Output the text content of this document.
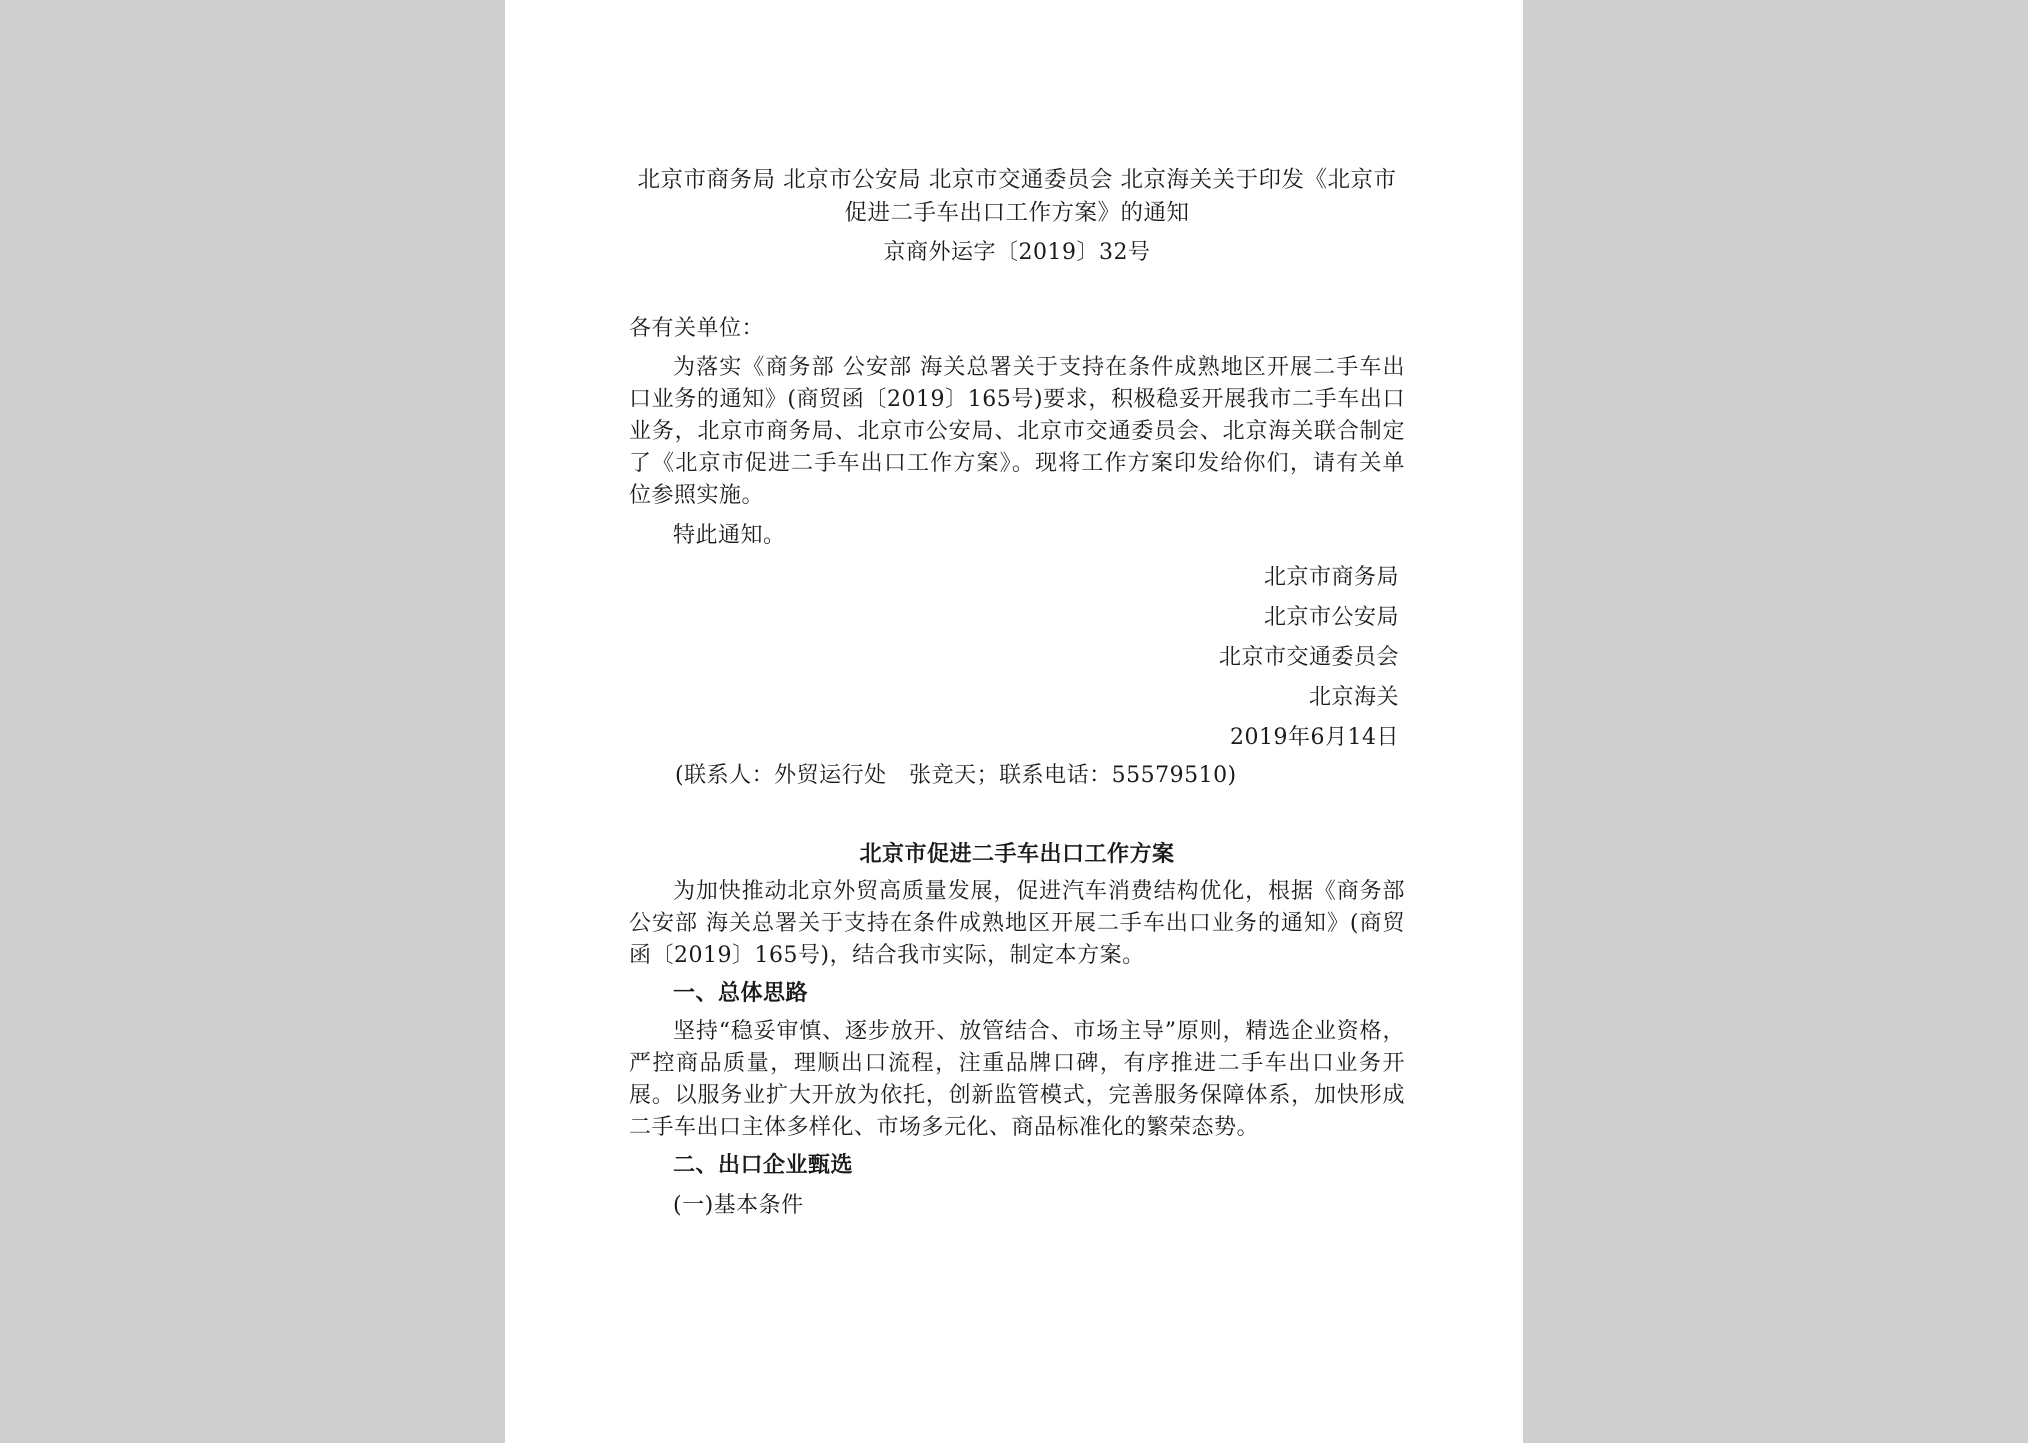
北京市商务局 北京市公安局 北京市交通委员会 北京海关关于印发《北京市促进二手车出口工作方案》的通知

京商外运字〔2019〕32号

各有关单位：

为落实《商务部 公安部 海关总署关于支持在条件成熟地区开展二手车出口业务的通知》(商贸函〔2019〕165号)要求，积极稳妥开展我市二手车出口业务，北京市商务局、北京市公安局、北京市交通委员会、北京海关联合制定了《北京市促进二手车出口工作方案》。现将工作方案印发给你们，请有关单位参照实施。

特此通知。

北京市商务局
北京市公安局
北京市交通委员会
北京海关
2019年6月14日

(联系人：外贸运行处　张竞天；联系电话：55579510)

北京市促进二手车出口工作方案

为加快推动北京外贸高质量发展，促进汽车消费结构优化，根据《商务部 公安部 海关总署关于支持在条件成熟地区开展二手车出口业务的通知》(商贸函〔2019〕165号)，结合我市实际，制定本方案。

一、总体思路

坚持“稳妥审慎、逐步放开、放管结合、市场主导”原则，精选企业资格，严控商品质量，理顺出口流程，注重品牌口碑，有序推进二手车出口业务开展。以服务业扩大开放为依托，创新监管模式，完善服务保障体系，加快形成二手车出口主体多样化、市场多元化、商品标准化的繁荣态势。

二、出口企业甄选

(一)基本条件
